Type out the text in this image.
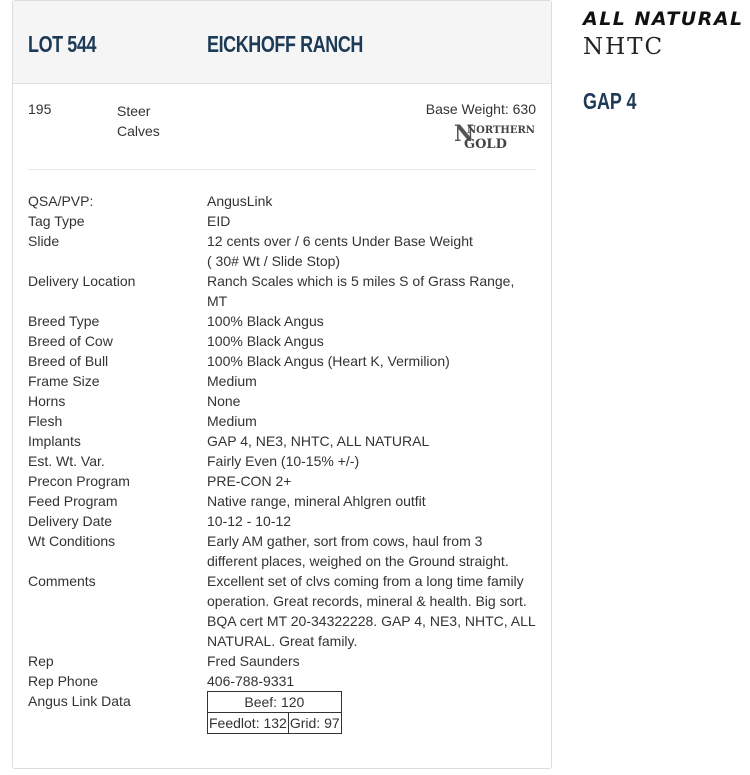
LOT 544	EICKHOFF RANCH
195	Steer
Calves
Base Weight: 630
N
NORTHERN
GOLD
QSA/PVP:	AngusLink
Tag Type	EID
Slide	12 cents over / 6 cents Under Base Weight
( 30# Wt / Slide Stop)
Delivery Location	Ranch Scales which is 5 miles S of Grass Range,
MT
Breed Type	100% Black Angus
Breed of Cow	100% Black Angus
Breed of Bull	100% Black Angus (Heart K, Vermilion)
Frame Size	Medium
Horns	None
Flesh	Medium
Implants	GAP 4, NE3, NHTC, ALL NATURAL
Est. Wt. Var.	Fairly Even (10-15% +/-)
Precon Program	PRE-CON 2+
Feed Program	Native range, mineral Ahlgren outfit
Delivery Date	10-12 - 10-12
Wt Conditions	Early AM gather, sort from cows, haul from 3
different places, weighed on the Ground straight.
Comments	Excellent set of clvs coming from a long time family
operation. Great records, mineral & health. Big sort.
BQA cert MT 20-34322228. GAP 4, NE3, NHTC, ALL
NATURAL. Great family.
Rep	Fred Saunders
Rep Phone	406-788-9331
Angus Link Data	Beef: 120
Feedlot: 132	Grid: 97
ALL NATURAL
NHTC
GAP 4
